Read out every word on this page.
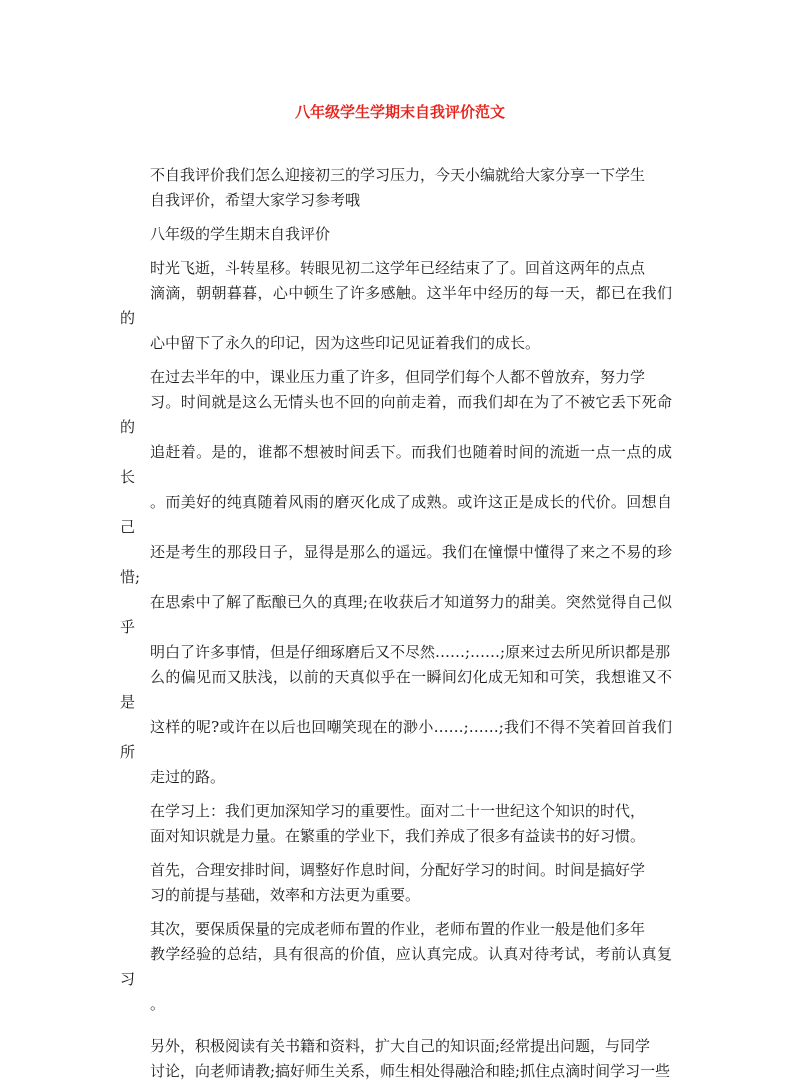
八年级学生学期末自我评价范文

不自我评价我们怎么迎接初三的学习压力，今天小编就给大家分享一下学生
自我评价，希望大家学习参考哦

八年级的学生期末自我评价

时光飞逝，斗转星移。转眼见初二这学年已经结束了了。回首这两年的点点
滴滴，朝朝暮暮，心中顿生了许多感触。这半年中经历的每一天，都已在我们的
心中留下了永久的印记，因为这些印记见证着我们的成长。

在过去半年的中，课业压力重了许多，但同学们每个人都不曾放弃，努力学
习。时间就是这么无情头也不回的向前走着，而我们却在为了不被它丢下死命的
追赶着。是的，谁都不想被时间丢下。而我们也随着时间的流逝一点一点的成长
。而美好的纯真随着风雨的磨灭化成了成熟。或许这正是成长的代价。回想自己
还是考生的那段日子，显得是那么的遥远。我们在憧憬中懂得了来之不易的珍惜;
在思索中了解了酝酿已久的真理;在收获后才知道努力的甜美。突然觉得自己似乎
明白了许多事情，但是仔细琢磨后又不尽然……;……;原来过去所见所识都是那
么的偏见而又肤浅，以前的天真似乎在一瞬间幻化成无知和可笑，我想谁又不是
这样的呢?或许在以后也回嘲笑现在的渺小……;……;我们不得不笑着回首我们所
走过的路。

在学习上：我们更加深知学习的重要性。面对二十一世纪这个知识的时代，
面对知识就是力量。在繁重的学业下，我们养成了很多有益读书的好习惯。

首先，合理安排时间，调整好作息时间，分配好学习的时间。时间是搞好学
习的前提与基础，效率和方法更为重要。

其次，要保质保量的完成老师布置的作业，老师布置的作业一般是他们多年
教学经验的总结，具有很高的价值，应认真完成。认真对待考试，考前认真复习
。

另外，积极阅读有关书籍和资料，扩大自己的知识面;经常提出问题，与同学
讨论，向老师请教;搞好师生关系，师生相处得融洽和睦;抓住点滴时间学习一些
